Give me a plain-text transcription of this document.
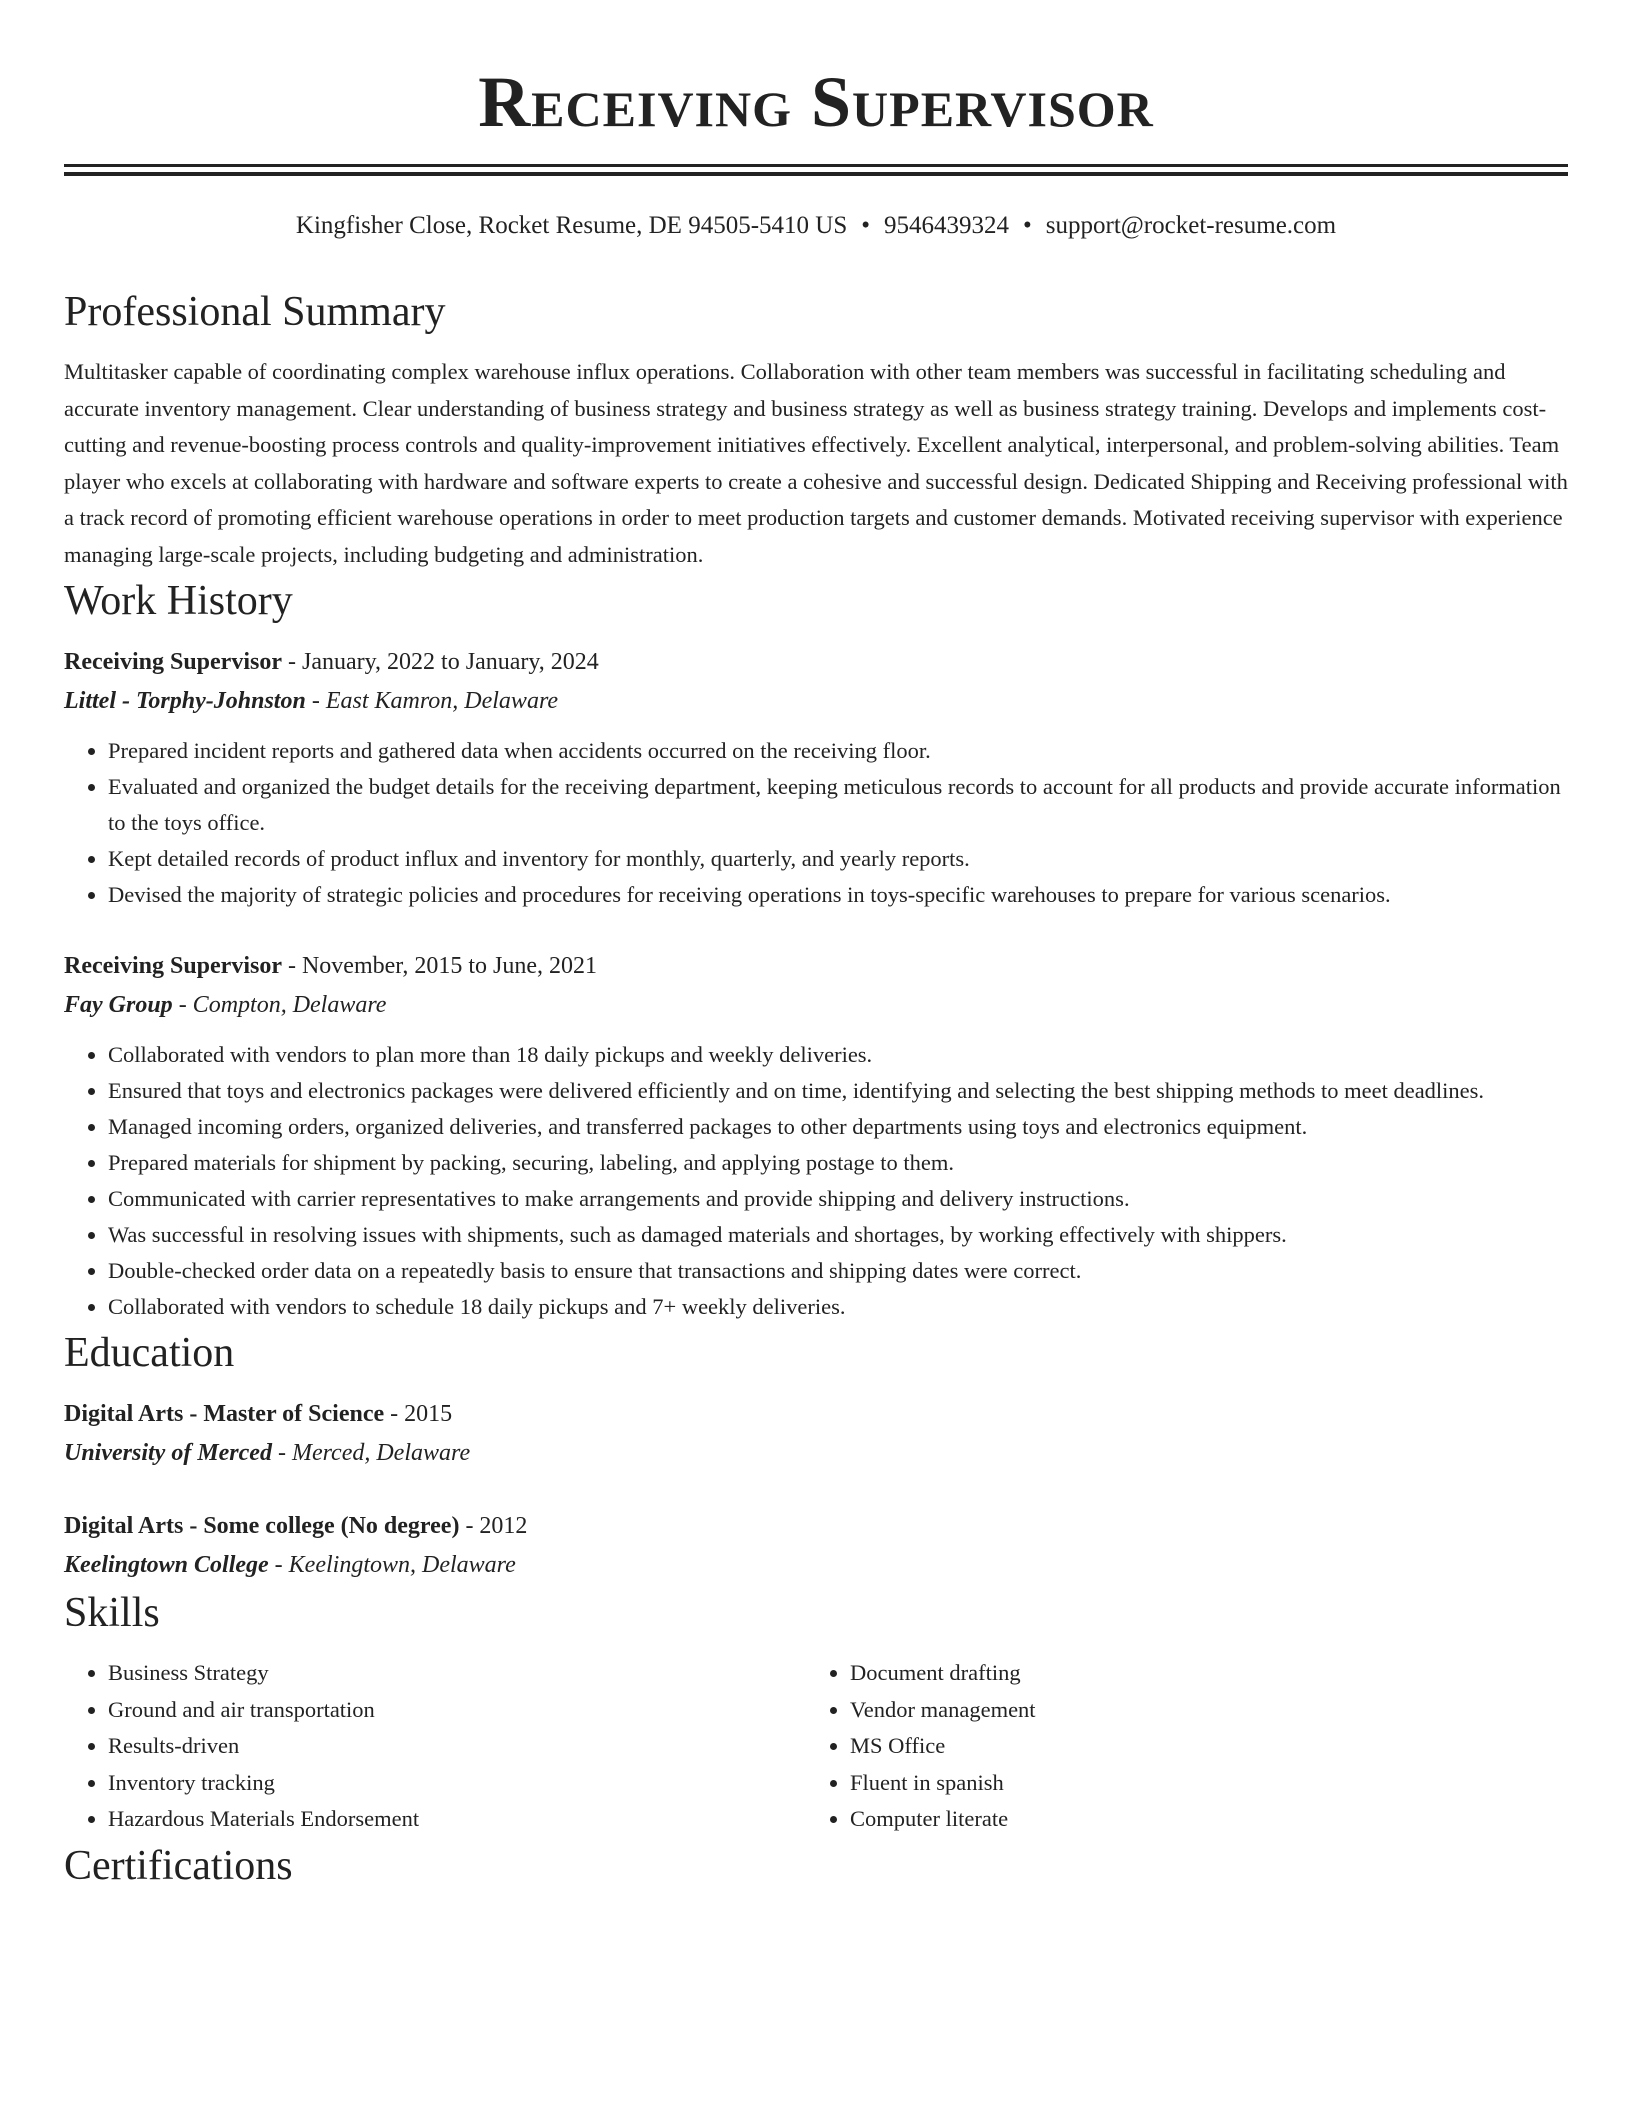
Receiving Supervisor
Kingfisher Close, Rocket Resume, DE 94505-5410 US • 9546439324 • support@rocket-resume.com
Professional Summary

Multitasker capable of coordinating complex warehouse influx operations. Collaboration with other team members was successful in facilitating scheduling and accurate inventory management. Clear understanding of business strategy and business strategy as well as business strategy training. Develops and implements cost-cutting and revenue-boosting process controls and quality-improvement initiatives effectively. Excellent analytical, interpersonal, and problem-solving abilities. Team player who excels at collaborating with hardware and software experts to create a cohesive and successful design. Dedicated Shipping and Receiving professional with a track record of promoting efficient warehouse operations in order to meet production targets and customer demands. Motivated receiving supervisor with experience managing large-scale projects, including budgeting and administration.

Work History
Receiving Supervisor - January, 2022 to January, 2024
Littel - Torphy-Johnston - East Kamron, Delaware
• Prepared incident reports and gathered data when accidents occurred on the receiving floor.
• Evaluated and organized the budget details for the receiving department, keeping meticulous records to account for all products and provide accurate information to the toys office.
• Kept detailed records of product influx and inventory for monthly, quarterly, and yearly reports.
• Devised the majority of strategic policies and procedures for receiving operations in toys-specific warehouses to prepare for various scenarios.
Receiving Supervisor - November, 2015 to June, 2021
Fay Group - Compton, Delaware
• Collaborated with vendors to plan more than 18 daily pickups and weekly deliveries.
• Ensured that toys and electronics packages were delivered efficiently and on time, identifying and selecting the best shipping methods to meet deadlines.
• Managed incoming orders, organized deliveries, and transferred packages to other departments using toys and electronics equipment.
• Prepared materials for shipment by packing, securing, labeling, and applying postage to them.
• Communicated with carrier representatives to make arrangements and provide shipping and delivery instructions.
• Was successful in resolving issues with shipments, such as damaged materials and shortages, by working effectively with shippers.
• Double-checked order data on a repeatedly basis to ensure that transactions and shipping dates were correct.
• Collaborated with vendors to schedule 18 daily pickups and 7+ weekly deliveries.
Education
Digital Arts - Master of Science - 2015
University of Merced - Merced, Delaware
Digital Arts - Some college (No degree) - 2012
Keelingtown College - Keelingtown, Delaware
Skills
• Business Strategy
• Ground and air transportation
• Results-driven
• Inventory tracking
• Hazardous Materials Endorsement
• Document drafting
• Vendor management
• MS Office
• Fluent in spanish
• Computer literate
Certifications
